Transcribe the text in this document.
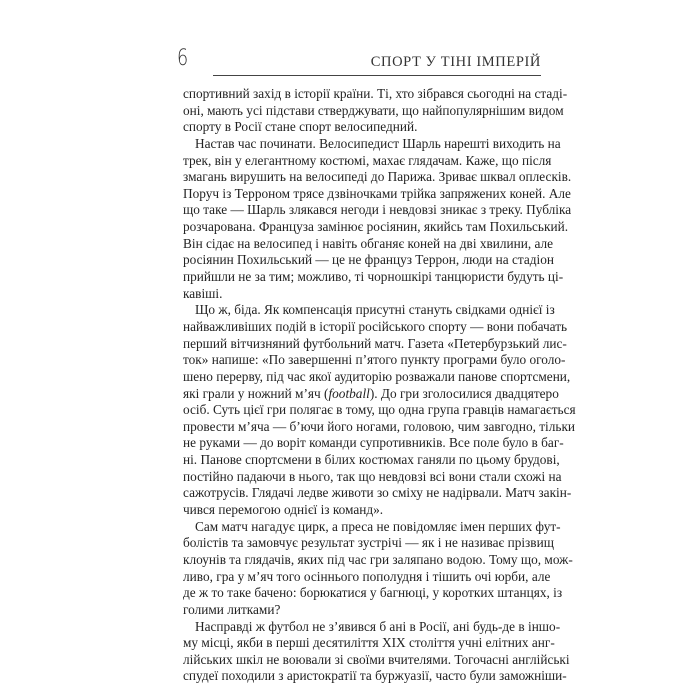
6	СПОРТ У ТІНІ ІМПЕРІЙ
спортивний захід в історії країни. Ті, хто зібрався сьогодні на стаді-
оні, мають усі підстави стверджувати, що найпопулярнішим видом
спорту в Росії стане спорт велосипедний.
Настав час починати. Велосипедист Шарль нарешті виходить на
трек, він у елегантному костюмі, махає глядачам. Каже, що після
змагань вирушить на велосипеді до Парижа. Зриває шквал оплесків.
Поруч із Терроном трясе дзвіночками трійка запряжених коней. Але
що таке — Шарль злякався негоди і невдовзі зникає з треку. Публіка
розчарована. Француза замінює росіянин, якийсь там Похильський.
Він сідає на велосипед і навіть обганяє коней на дві хвилини, але
росіянин Похильський — це не француз Террон, люди на стадіон
прийшли не за тим; можливо, ті чорношкірі танцюристи будуть ці-
кавіші.
Що ж, біда. Як компенсація присутні стануть свідками однієї із
найважливіших подій в історії російського спорту — вони побачать
перший вітчизняний футбольний матч. Газета «Петербурзький лис-
ток» напише: «По завершенні п’ятого пункту програми було оголо-
шено перерву, під час якої аудиторію розважали панове спортсмени,
які грали у ножний м’яч (football). До гри зголосилися двадцятеро
осіб. Суть цієї гри полягає в тому, що одна група гравців намагається
провести м’яча — б’ючи його ногами, головою, чим завгодно, тільки
не руками — до воріт команди супротивників. Все поле було в баг-
ні. Панове спортсмени в білих костюмах ганяли по цьому брудові,
постійно падаючи в нього, так що невдовзі всі вони стали схожі на
сажотрусів. Глядачі ледве животи зо сміху не надірвали. Матч закін-
чився перемогою однієї із команд».
Сам матч нагадує цирк, а преса не повідомляє імен перших фут-
болістів та замовчує результат зустрічі — як і не називає прізвищ
клоунів та глядачів, яких під час гри заляпано водою. Тому що, мож-
ливо, гра у м’яч того осіннього пополудня і тішить очі юрби, але
де ж то таке бачено: борюкатися у багнюці, у коротких штанцях, із
голими литками?
Насправді ж футбол не з’явився б ані в Росії, ані будь-де в іншо-
му місці, якби в перші десятиліття XIX століття учні елітних анг-
лійських шкіл не воювали зі своїми вчителями. Тогочасні англійські
спудеї походили з аристократії та буржуазії, часто були заможніши-
